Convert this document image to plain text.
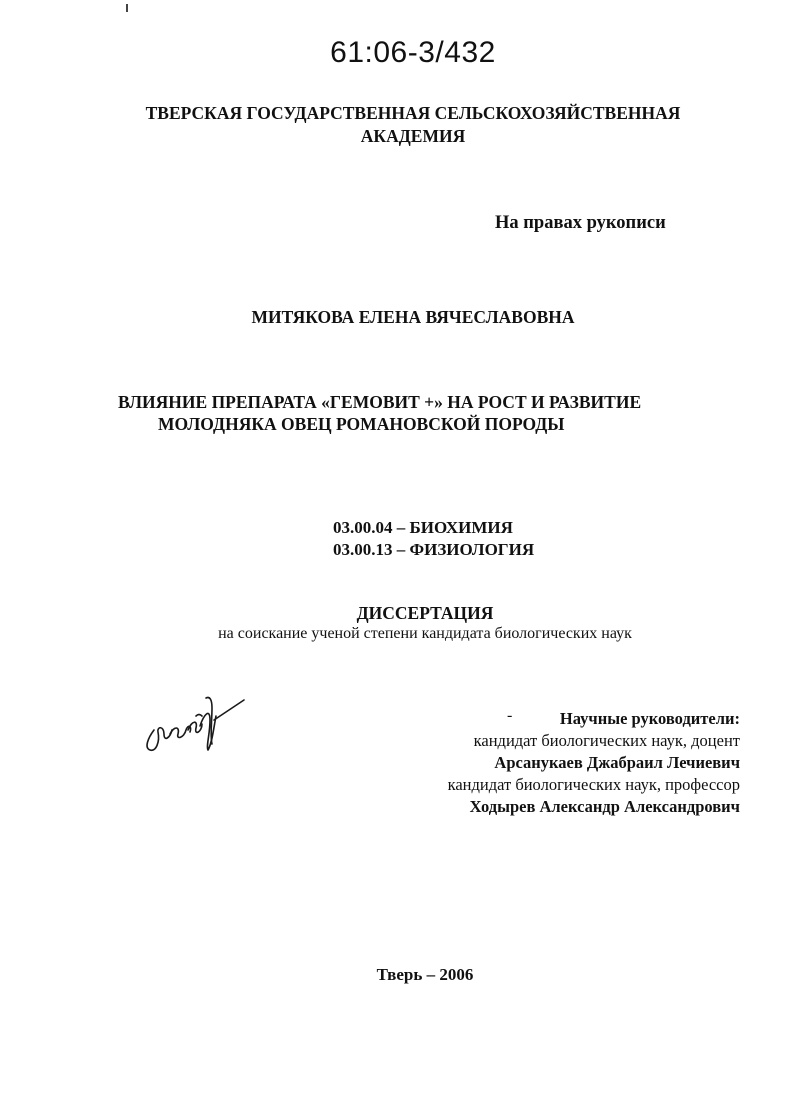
61:06-3/432
ТВЕРСКАЯ ГОСУДАРСТВЕННАЯ СЕЛЬСКОХОЗЯЙСТВЕННАЯ
АКАДЕМИЯ
На правах рукописи
МИТЯКОВА ЕЛЕНА ВЯЧЕСЛАВОВНА
ВЛИЯНИЕ ПРЕПАРАТА «ГЕМОВИТ +» НА РОСТ И РАЗВИТИЕ
МОЛОДНЯКА ОВЕЦ РОМАНОВСКОЙ ПОРОДЫ
03.00.04 – БИОХИМИЯ
03.00.13 – ФИЗИОЛОГИЯ
ДИССЕРТАЦИЯ
на соискание ученой степени кандидата биологических наук
-	Научные руководители:
кандидат биологических наук, доцент
Арсанукаев Джабраил Лечиевич
кандидат биологических наук, профессор
Ходырев Александр Александрович
Тверь – 2006
